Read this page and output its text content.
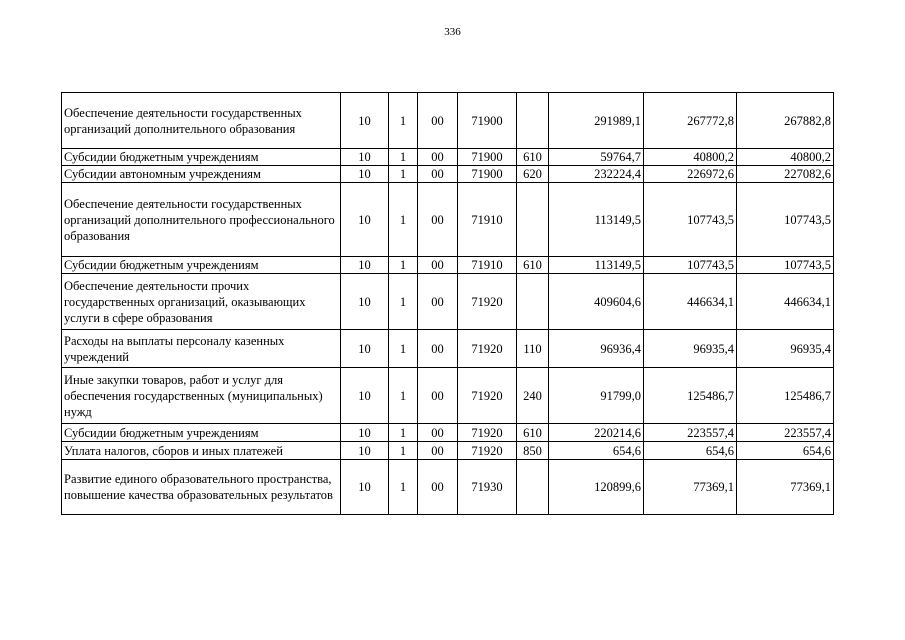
336
Обеспечение деятельности государственных организаций дополнительного образования	10	1	00	71900		291989,1	267772,8	267882,8
Субсидии бюджетным учреждениям	10	1	00	71900	610	59764,7	40800,2	40800,2
Субсидии автономным учреждениям	10	1	00	71900	620	232224,4	226972,6	227082,6
Обеспечение деятельности государственных организаций дополнительного профессионального образования	10	1	00	71910		113149,5	107743,5	107743,5
Субсидии бюджетным учреждениям	10	1	00	71910	610	113149,5	107743,5	107743,5
Обеспечение деятельности прочих государственных организаций, оказывающих услуги в сфере образования	10	1	00	71920		409604,6	446634,1	446634,1
Расходы на выплаты персоналу казенных учреждений	10	1	00	71920	110	96936,4	96935,4	96935,4
Иные закупки товаров, работ и услуг для обеспечения государственных (муниципальных) нужд	10	1	00	71920	240	91799,0	125486,7	125486,7
Субсидии бюджетным учреждениям	10	1	00	71920	610	220214,6	223557,4	223557,4
Уплата налогов, сборов и иных платежей	10	1	00	71920	850	654,6	654,6	654,6
Развитие единого образовательного пространства, повышение качества образовательных результатов	10	1	00	71930		120899,6	77369,1	77369,1
